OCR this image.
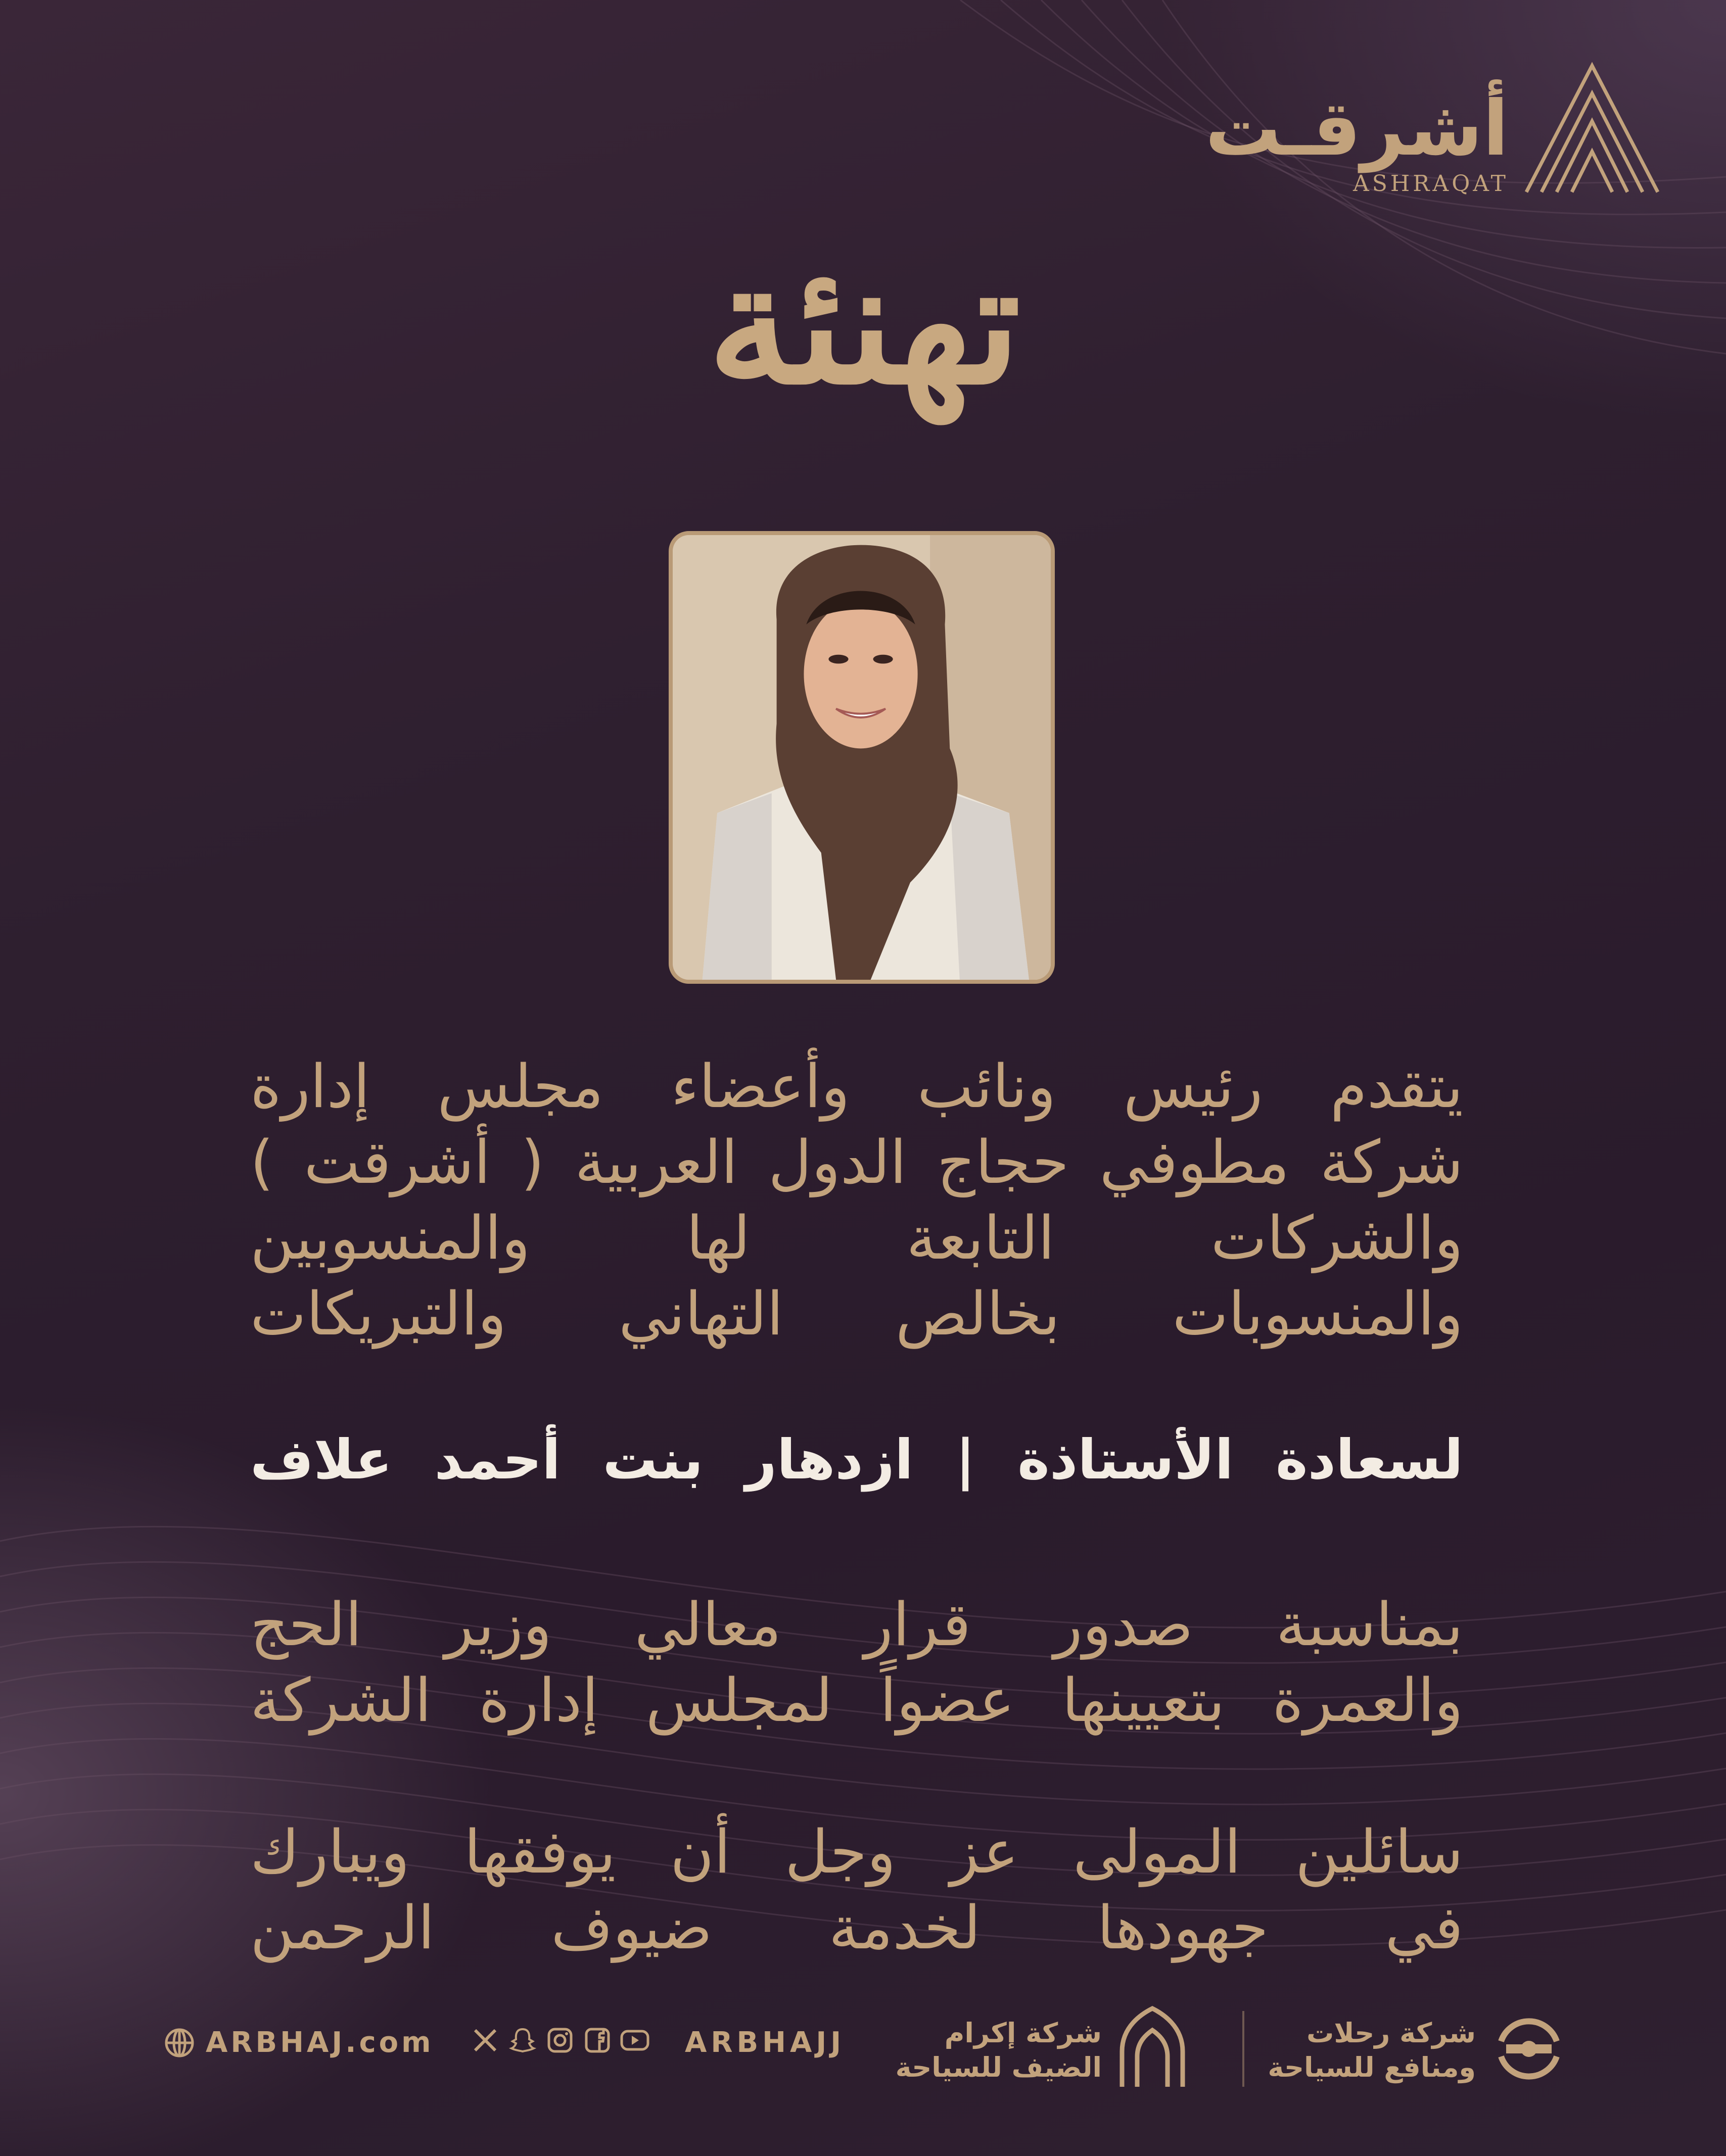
أشرقـت
ASHRAQAT
تهنئة
يتقدم رئيس ونائب وأعضاء مجلس إدارة
شركة مطوفي حجاج الدول العربية ( أشرقت )
والشركات التابعة لها والمنسوبين
والمنسوبات بخالص التهاني والتبريكات
لسعادة الأستاذة | ازدهار بنت أحمد علاف
بمناسبة صدور قرار معالي وزير الحج
والعمرة بتعيينها عضواً لمجلس إدارة الشركة
سائلين المولى عز وجل أن يوفقها ويبارك
في جهودها لخدمة ضيوف الرحمن
ARBHAJ.com	ARBHAJJ	شركة إكرام
الضيف للسياحة
شركة رحلات
ومنافع للسياحة
